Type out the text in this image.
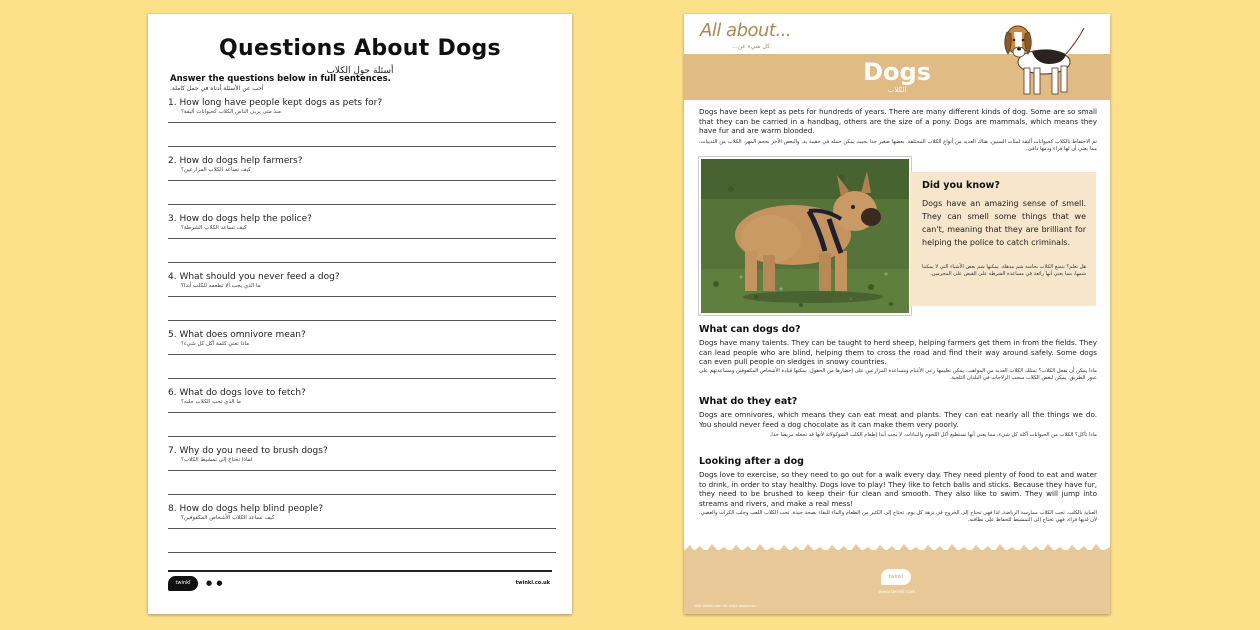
Questions About Dogs
أسئلة حول الكلاب
Answer the questions below in full sentences.
أجب عن الأسئلة أدناه في جمل كاملة.
1. How long have people kept dogs as pets for?
منذ متى يربي الناس الكلاب كحيوانات أليفة؟
2. How do dogs help farmers?
كيف تساعد الكلاب المزارعين؟
3. How do dogs help the police?
كيف تساعد الكلاب الشرطة؟
4. What should you never feed a dog?
ما الذي يجب ألا تطعمه للكلب أبدا؟
5. What does omnivore mean?
ماذا تعني كلمة آكل كل شيء؟
6. What do dogs love to fetch?
ما الذي تحب الكلاب جلبه؟
7. Why do you need to brush dogs?
لماذا تحتاج إلى تمشيط الكلاب؟
8. How do dogs help blind people?
كيف تساعد الكلاب الأشخاص المكفوفين؟
twinkl	● ●	twinkl.co.uk
All about...
كل شيء عن...
Dogs
الكلاب
Dogs have been kept as pets for hundreds of years. There are many different kinds of dog. Some are so small that they can be carried in a handbag, others are the size of a pony. Dogs are mammals, which means they have fur and are warm blooded.
تم الاحتفاظ بالكلاب كحيوانات أليفة لمئات السنين. هناك العديد من أنواع الكلاب المختلفة. بعضها صغير جدا بحيث يمكن حمله في حقيبة يد، والبعض الآخر بحجم المهر. الكلاب من الثدييات، مما يعني أن لها فراء ودمها دافئ.
Did you know?
Dogs have an amazing sense of smell. They can smell some things that we can't, meaning that they are brilliant for helping the police to catch criminals.
هل تعلم؟ تتمتع الكلاب بحاسة شم مذهلة. يمكنها شم بعض الأشياء التي لا يمكننا شمها، مما يعني أنها رائعة في مساعدة الشرطة على القبض على المجرمين.
What can dogs do?
Dogs have many talents. They can be taught to herd sheep, helping farmers get them in from the fields. They can lead people who are blind, helping them to cross the road and find their way around safely. Some dogs can even pull people on sledges in snowy countries.
ماذا يمكن أن تفعل الكلاب؟ تمتلك الكلاب العديد من المواهب. يمكن تعليمها رعي الأغنام ومساعدة المزارعين على إحضارها من الحقول. يمكنها قيادة الأشخاص المكفوفين ومساعدتهم على عبور الطريق. يمكن لبعض الكلاب سحب الزلاجات في البلدان الثلجية.
What do they eat?
Dogs are omnivores, which means they can eat meat and plants. They can eat nearly all the things we do. You should never feed a dog chocolate as it can make them very poorly.
ماذا تأكل؟ الكلاب من الحيوانات آكلة كل شيء، مما يعني أنها تستطيع أكل اللحوم والنباتات. لا يجب أبدا إطعام الكلب الشوكولاتة لأنها قد تجعله مريضا جدا.
Looking after a dog
Dogs love to exercise, so they need to go out for a walk every day. They need plenty of food to eat and water to drink, in order to stay healthy. Dogs love to play! They like to fetch balls and sticks. Because they have fur, they need to be brushed to keep their fur clean and smooth. They also like to swim. They will jump into streams and rivers, and make a real mess!
العناية بالكلب. تحب الكلاب ممارسة الرياضة، لذا فهي تحتاج إلى الخروج في نزهة كل يوم. تحتاج إلى الكثير من الطعام والماء للبقاء بصحة جيدة. تحب الكلاب اللعب وجلب الكرات والعصي. لأن لديها فراء، فهي تحتاج إلى التمشيط للحفاظ على نظافته.
twinkl
www.twinkl.com
Visit twinkl.com for more resources
